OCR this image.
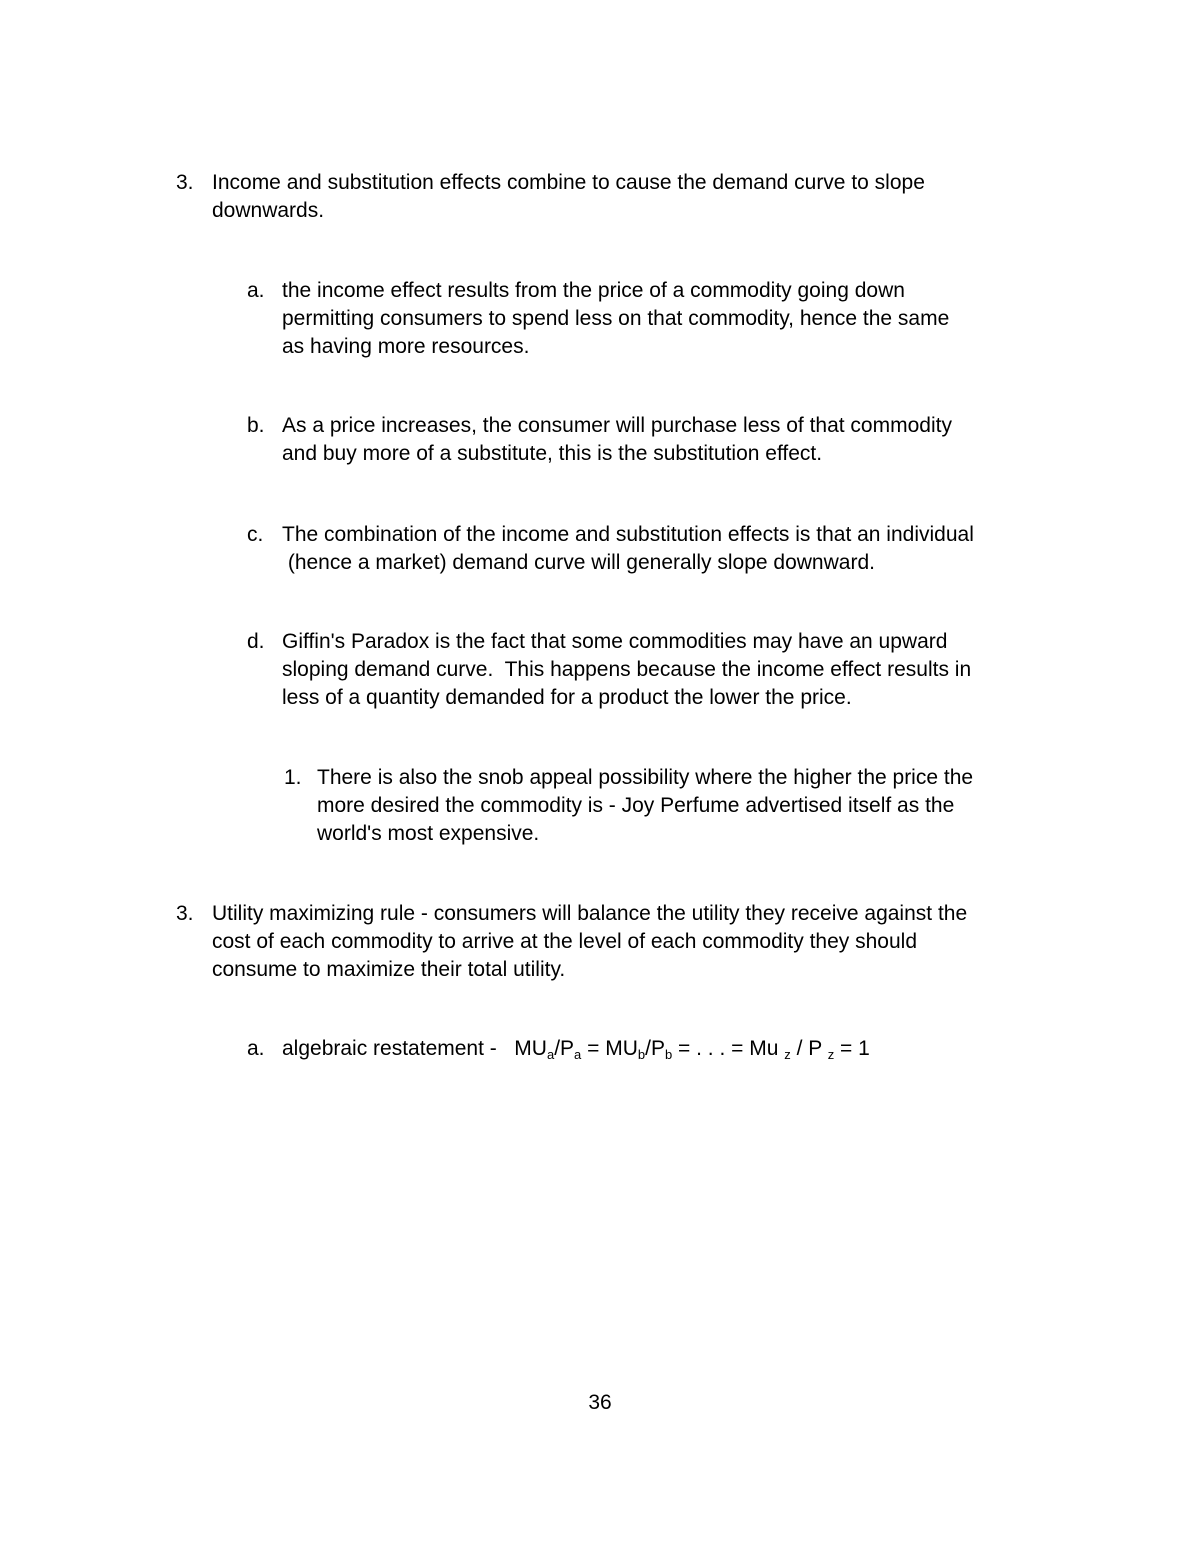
3. Income and substitution effects combine to cause the demand curve to slope
downwards.
a. the income effect results from the price of a commodity going down
permitting consumers to spend less on that commodity, hence the same
as having more resources.
b. As a price increases, the consumer will purchase less of that commodity
and buy more of a substitute, this is the substitution effect.
c. The combination of the income and substitution effects is that an individual
(hence a market) demand curve will generally slope downward.
d. Giffin's Paradox is the fact that some commodities may have an upward
sloping demand curve.  This happens because the income effect results in
less of a quantity demanded for a product the lower the price.
1. There is also the snob appeal possibility where the higher the price the
more desired the commodity is - Joy Perfume advertised itself as the
world's most expensive.
3. Utility maximizing rule - consumers will balance the utility they receive against the
cost of each commodity to arrive at the level of each commodity they should
consume to maximize their total utility.
a. algebraic restatement -   $MU_a/P_a = MU_b/P_b$ = . . . = Mu $_z$ / P $_z$ = 1
36
